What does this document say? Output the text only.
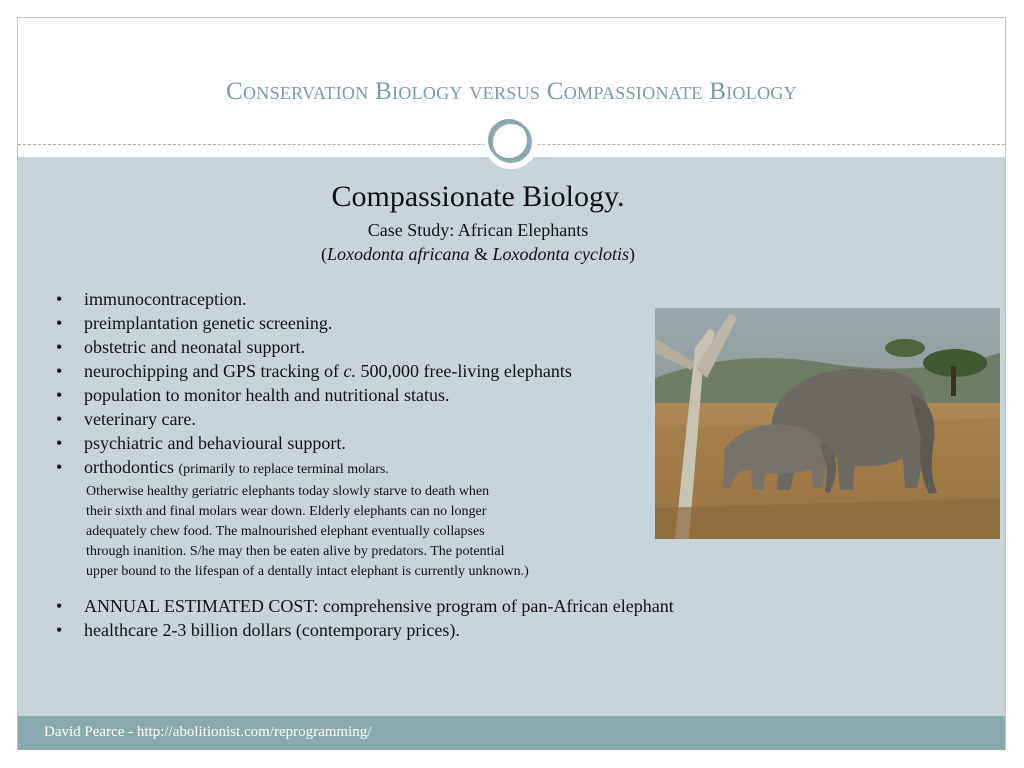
Conservation Biology versus Compassionate Biology
Compassionate Biology.
Case Study: African Elephants
(Loxodonta africana & Loxodonta cyclotis)
• immunocontraception.
• preimplantation genetic screening.
• obstetric and neonatal support.
• neurochipping and GPS tracking of c. 500,000 free-living elephants
• population to monitor health and nutritional status.
• veterinary care.
• psychiatric and behavioural support.
• orthodontics (primarily to replace terminal molars.
Otherwise healthy geriatric elephants today slowly starve to death when
their sixth and final molars wear down. Elderly elephants can no longer
adequately chew food. The malnourished elephant eventually collapses
through inanition. S/he may then be eaten alive by predators. The potential
upper bound to the lifespan of a dentally intact elephant is currently unknown.)
• ANNUAL ESTIMATED COST: comprehensive program of pan-African elephant
• healthcare 2-3 billion dollars (contemporary prices).
David Pearce - http://abolitionist.com/reprogramming/
